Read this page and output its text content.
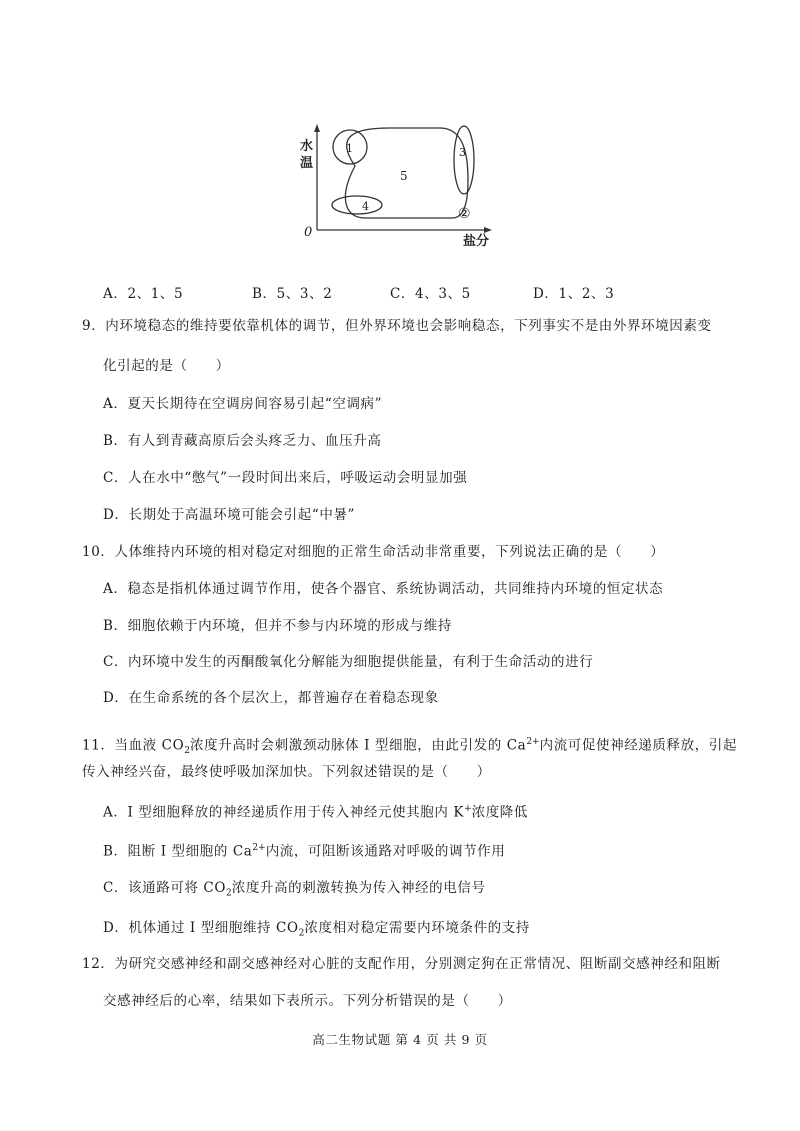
水
温
盐分
0
1
②
3
4
5
A．2、1、5	B．5、3、2	C．4、3、5	D．1、2、3
9．内环境稳态的维持要依靠机体的调节，但外界环境也会影响稳态，下列事实不是由外界环境因素变
化引起的是（　　）
A．夏天长期待在空调房间容易引起“空调病”
B．有人到青藏高原后会头疼乏力、血压升高
C．人在水中“憋气”一段时间出来后，呼吸运动会明显加强
D．长期处于高温环境可能会引起“中暑”
10．人体维持内环境的相对稳定对细胞的正常生命活动非常重要，下列说法正确的是（　　）
A．稳态是指机体通过调节作用，使各个器官、系统协调活动，共同维持内环境的恒定状态
B．细胞依赖于内环境，但并不参与内环境的形成与维持
C．内环境中发生的丙酮酸氧化分解能为细胞提供能量，有利于生命活动的进行
D．在生命系统的各个层次上，都普遍存在着稳态现象
11．当血液 $CO_2$浓度升高时会刺激颈动脉体 I 型细胞，由此引发的 $Ca^{2+}$内流可促使神经递质释放，引起
传入神经兴奋，最终使呼吸加深加快。下列叙述错误的是（　　）
A．I 型细胞释放的神经递质作用于传入神经元使其胞内 K+浓度降低
B．阻断 I 型细胞的 $Ca^{2+}$内流，可阻断该通路对呼吸的调节作用
C．该通路可将 $CO_2$浓度升高的刺激转换为传入神经的电信号
D．机体通过 I 型细胞维持 $CO_2$浓度相对稳定需要内环境条件的支持
12．为研究交感神经和副交感神经对心脏的支配作用，分别测定狗在正常情况、阻断副交感神经和阻断
交感神经后的心率，结果如下表所示。下列分析错误的是（　　）
高二生物试题 第 4 页 共 9 页
